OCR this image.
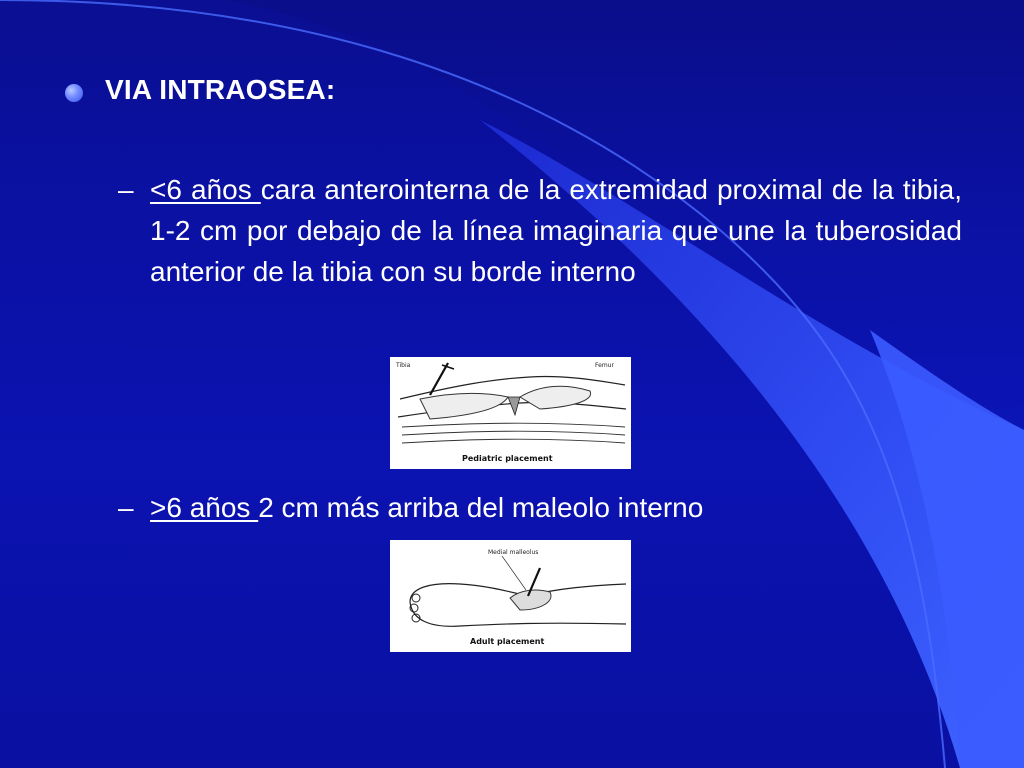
VIA INTRAOSEA:
– <6 años cara anterointerna de la extremidad proximal de la tibia, 1-2 cm por debajo de la línea imaginaria que une la tuberosidad anterior de la tibia con su borde interno
Tibia	Femur
Pediatric placement
– >6 años 2 cm más arriba del maleolo interno
Medial malleolus
Adult placement
